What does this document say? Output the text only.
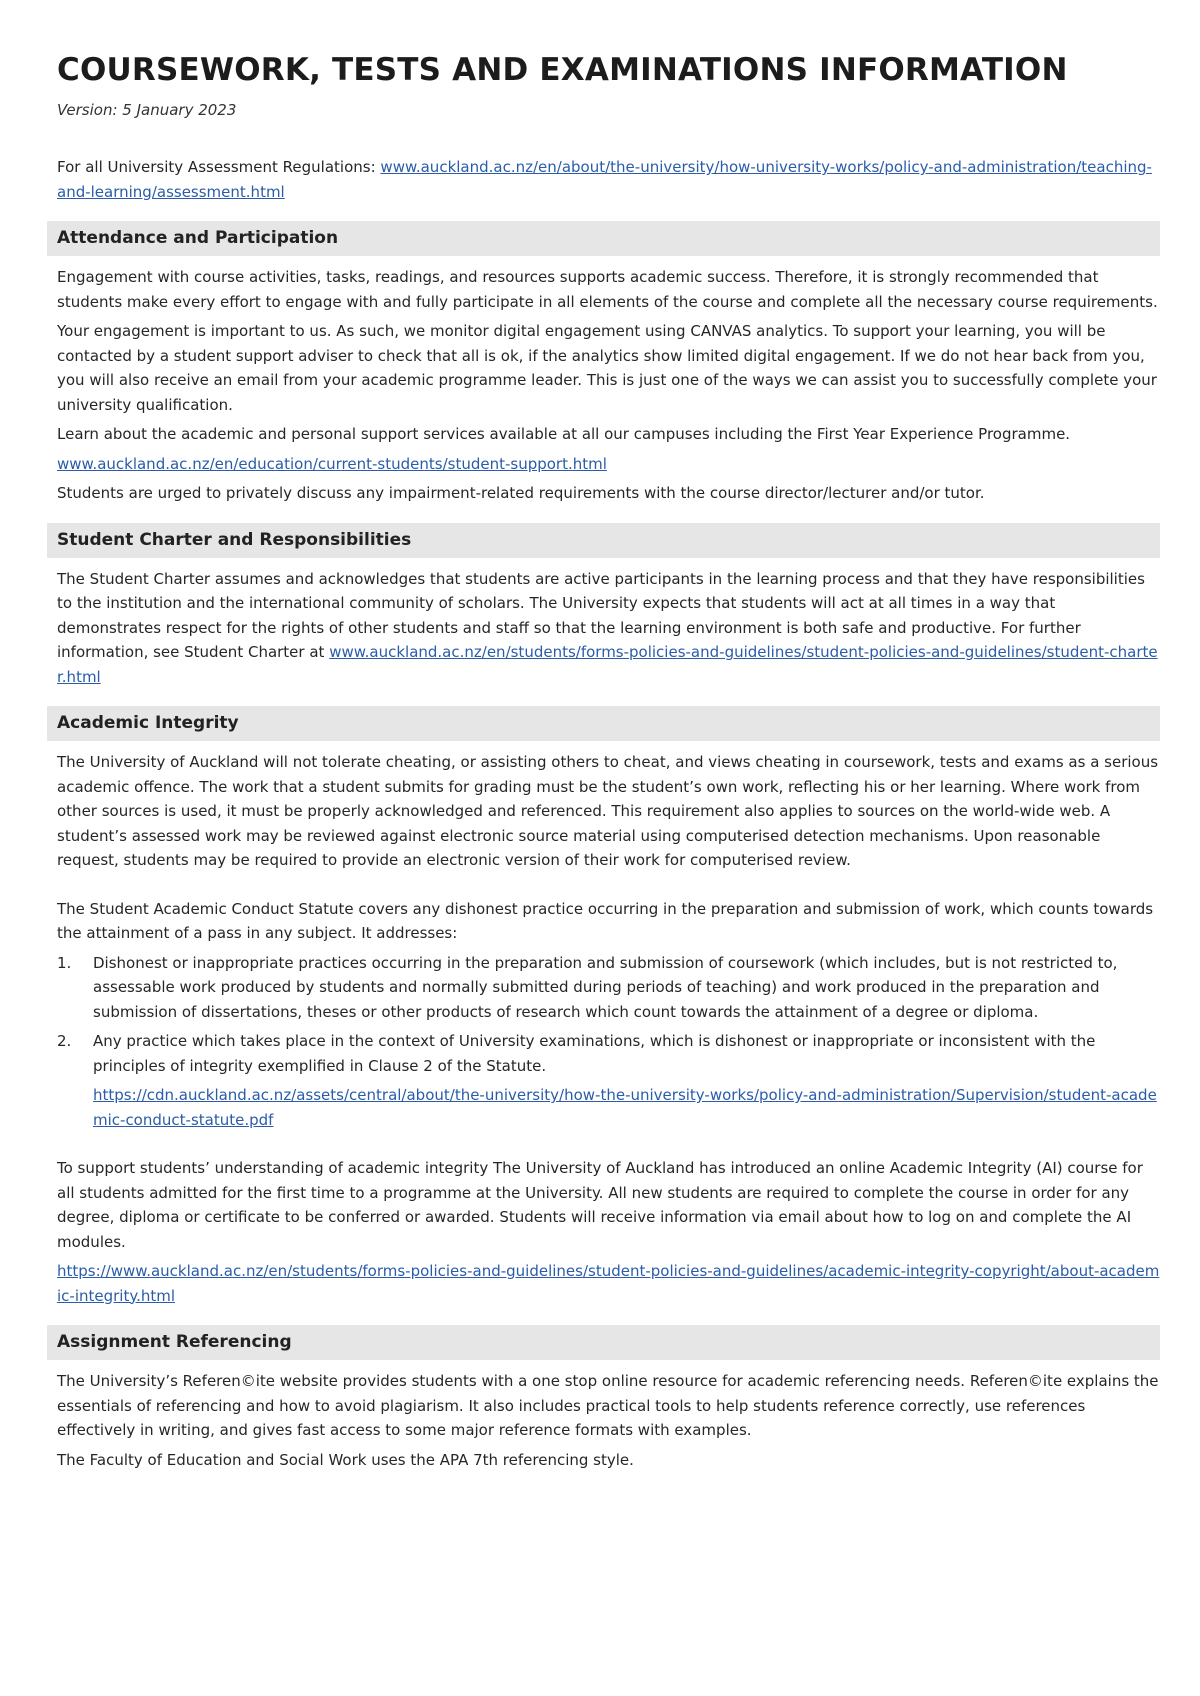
COURSEWORK, TESTS AND EXAMINATIONS INFORMATION
Version: 5 January 2023

For all University Assessment Regulations: www.auckland.ac.nz/en/about/the-university/how-university-works/policy-and-administration/teaching-and-learning/assessment.html

Attendance and Participation

Engagement with course activities, tasks, readings, and resources supports academic success. Therefore, it is strongly recommended that students make every effort to engage with and fully participate in all elements of the course and complete all the necessary course requirements.

Your engagement is important to us. As such, we monitor digital engagement using CANVAS analytics. To support your learning, you will be contacted by a student support adviser to check that all is ok, if the analytics show limited digital engagement. If we do not hear back from you, you will also receive an email from your academic programme leader. This is just one of the ways we can assist you to successfully complete your university qualification.

Learn about the academic and personal support services available at all our campuses including the First Year Experience Programme.

www.auckland.ac.nz/en/education/current-students/student-support.html

Students are urged to privately discuss any impairment-related requirements with the course director/lecturer and/or tutor.

Student Charter and Responsibilities

The Student Charter assumes and acknowledges that students are active participants in the learning process and that they have responsibilities to the institution and the international community of scholars. The University expects that students will act at all times in a way that demonstrates respect for the rights of other students and staff so that the learning environment is both safe and productive. For further information, see Student Charter at www.auckland.ac.nz/en/students/forms-policies-and-guidelines/student-policies-and-guidelines/student-charter.html

Academic Integrity

The University of Auckland will not tolerate cheating, or assisting others to cheat, and views cheating in coursework, tests and exams as a serious academic offence. The work that a student submits for grading must be the student’s own work, reflecting his or her learning. Where work from other sources is used, it must be properly acknowledged and referenced. This requirement also applies to sources on the world-wide web. A student’s assessed work may be reviewed against electronic source material using computerised detection mechanisms. Upon reasonable request, students may be required to provide an electronic version of their work for computerised review.

The Student Academic Conduct Statute covers any dishonest practice occurring in the preparation and submission of work, which counts towards the attainment of a pass in any subject. It addresses:

1. Dishonest or inappropriate practices occurring in the preparation and submission of coursework (which includes, but is not restricted to, assessable work produced by students and normally submitted during periods of teaching) and work produced in the preparation and submission of dissertations, theses or other products of research which count towards the attainment of a degree or diploma.
2. Any practice which takes place in the context of University examinations, which is dishonest or inappropriate or inconsistent with the principles of integrity exemplified in Clause 2 of the Statute.
https://cdn.auckland.ac.nz/assets/central/about/the-university/how-the-university-works/policy-and-administration/Supervision/student-academic-conduct-statute.pdf

To support students’ understanding of academic integrity The University of Auckland has introduced an online Academic Integrity (AI) course for all students admitted for the first time to a programme at the University. All new students are required to complete the course in order for any degree, diploma or certificate to be conferred or awarded. Students will receive information via email about how to log on and complete the AI modules.

https://www.auckland.ac.nz/en/students/forms-policies-and-guidelines/student-policies-and-guidelines/academic-integrity-copyright/about-academic-integrity.html

Assignment Referencing

The University’s Referen©ite website provides students with a one stop online resource for academic referencing needs. Referen©ite explains the essentials of referencing and how to avoid plagiarism. It also includes practical tools to help students reference correctly, use references effectively in writing, and gives fast access to some major reference formats with examples.

The Faculty of Education and Social Work uses the APA 7th referencing style.
